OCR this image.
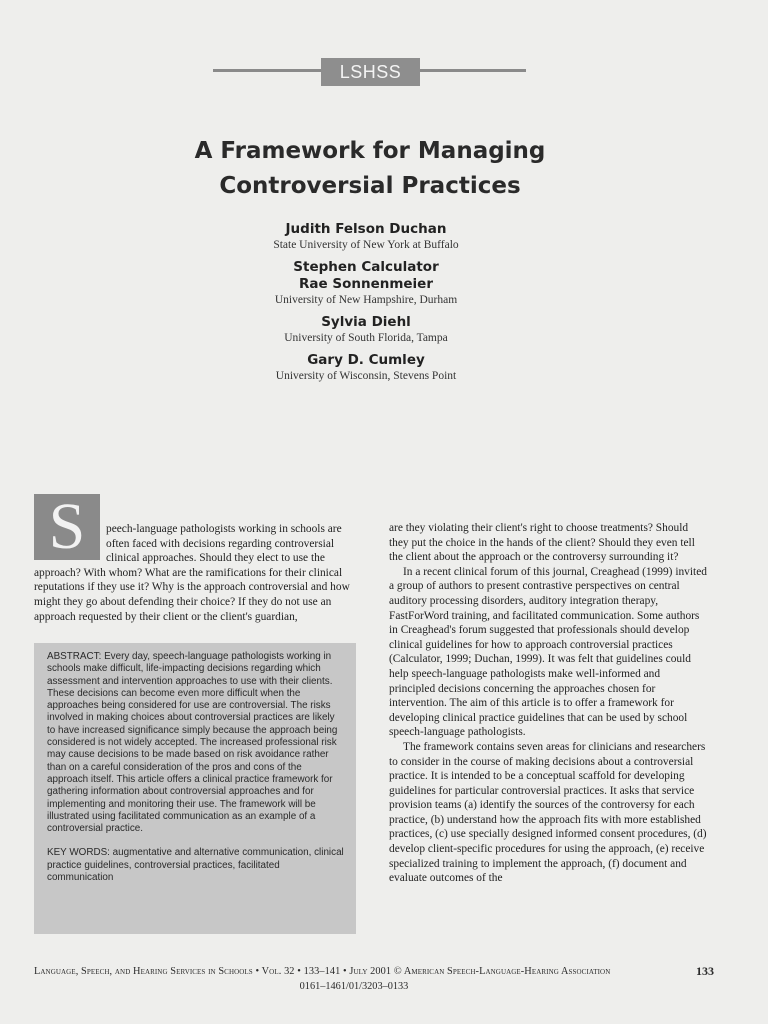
LSHSS
A Framework for Managing
Controversial Practices
Judith Felson Duchan
State University of New York at Buffalo
Stephen Calculator
Rae Sonnenmeier
University of New Hampshire, Durham
Sylvia Diehl
University of South Florida, Tampa
Gary D. Cumley
University of Wisconsin, Stevens Point
S	peech-language pathologists working in schools are often faced with decisions regarding controversial clinical approaches. Should they elect to use the approach? With whom? What are the ramifications for their clinical reputations if they use it? Why is the approach controversial and how might they go about defending their choice? If they do not use an approach requested by their client or the client's guardian,

ABSTRACT: Every day, speech-language pathologists working in schools make difficult, life-impacting decisions regarding which assessment and intervention approaches to use with their clients. These decisions can become even more difficult when the approaches being considered for use are controversial. The risks involved in making choices about controversial practices are likely to have increased significance simply because the approach being considered is not widely accepted. The increased professional risk may cause decisions to be made based on risk avoidance rather than on a careful consideration of the pros and cons of the approach itself. This article offers a clinical practice framework for gathering information about controversial approaches and for implementing and monitoring their use. The framework will be illustrated using facilitated communication as an example of a controversial practice.

KEY WORDS: augmentative and alternative communication, clinical practice guidelines, controversial practices, facilitated communication

are they violating their client's right to choose treatments? Should they put the choice in the hands of the client? Should they even tell the client about the approach or the controversy surrounding it?

In a recent clinical forum of this journal, Creaghead (1999) invited a group of authors to present contrastive perspectives on central auditory processing disorders, auditory integration therapy, FastForWord training, and facilitated communication. Some authors in Creaghead's forum suggested that professionals should develop clinical guidelines for how to approach controversial practices (Calculator, 1999; Duchan, 1999). It was felt that guidelines could help speech-language pathologists make well-informed and principled decisions concerning the approaches chosen for intervention. The aim of this article is to offer a framework for developing clinical practice guidelines that can be used by school speech-language pathologists.

The framework contains seven areas for clinicians and researchers to consider in the course of making decisions about a controversial practice. It is intended to be a conceptual scaffold for developing guidelines for particular controversial practices. It asks that service provision teams (a) identify the sources of the controversy for each practice, (b) understand how the approach fits with more established practices, (c) use specially designed informed consent procedures, (d) develop client-specific procedures for using the approach, (e) receive specialized training to implement the approach, (f) document and evaluate outcomes of the

Language, Speech, and Hearing Services in Schools • Vol. 32 • 133–141 • July 2001 © American Speech-Language-Hearing Association	133
0161–1461/01/3203–0133
